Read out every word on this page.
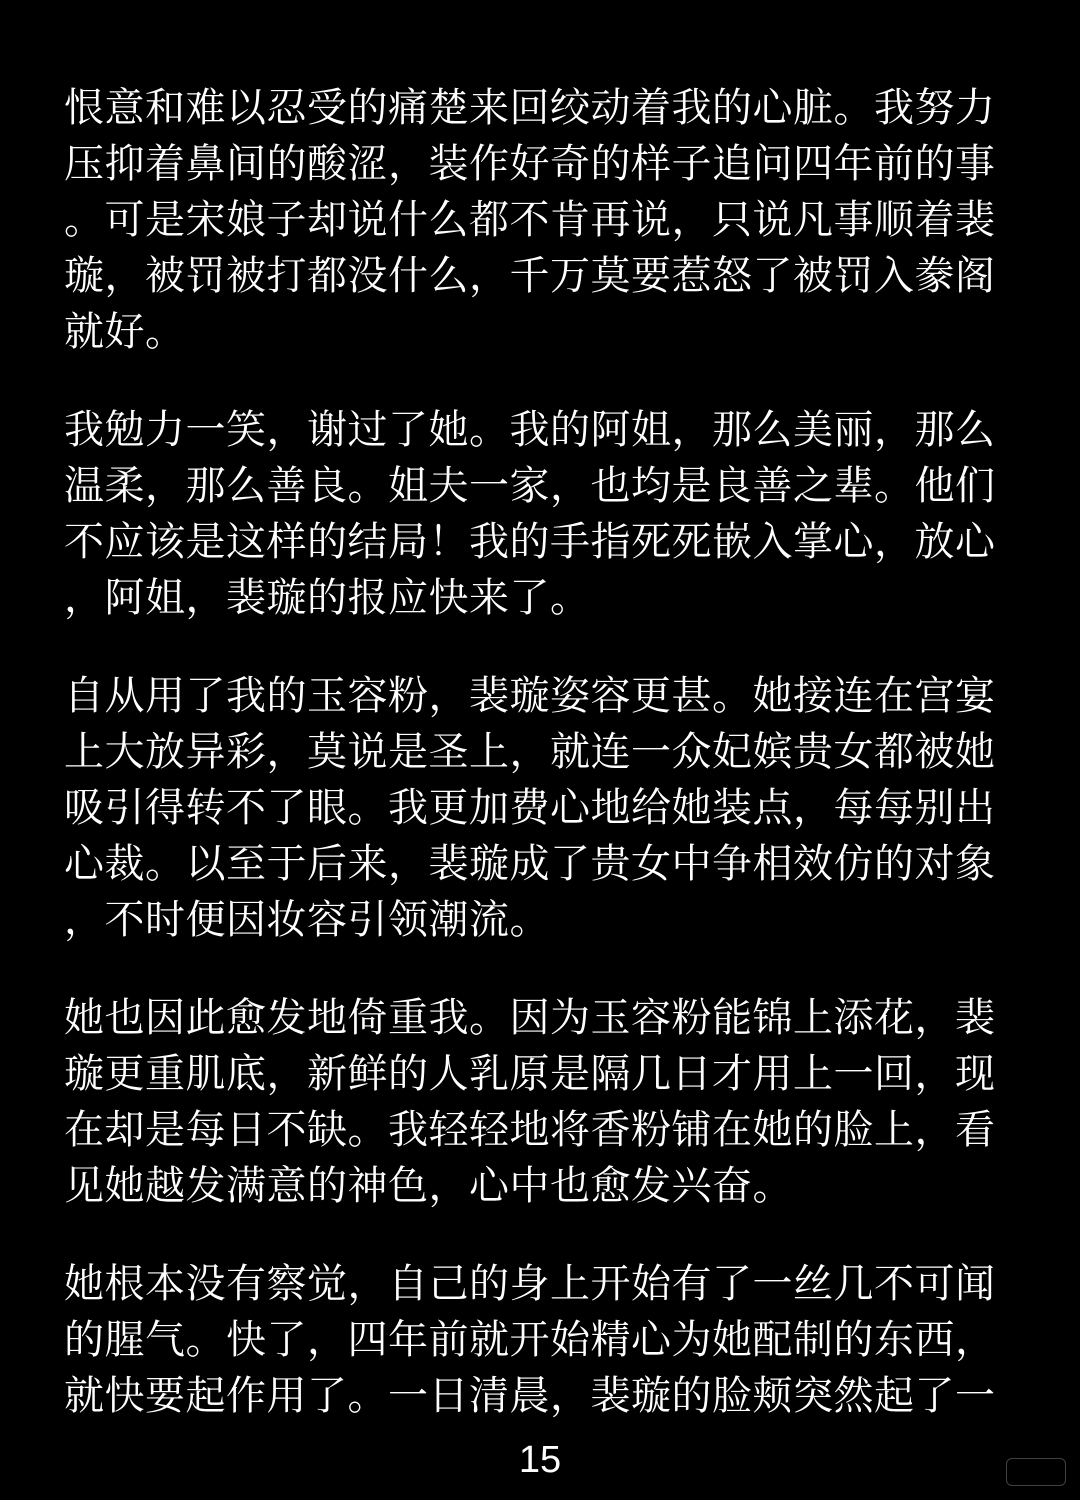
恨意和难以忍受的痛楚来回绞动着我的心脏。我努力
压抑着鼻间的酸涩，装作好奇的样子追问四年前的事
。可是宋娘子却说什么都不肯再说，只说凡事顺着裴
璇，被罚被打都没什么，千万莫要惹怒了被罚入豢阁
就好。
我勉力一笑，谢过了她。我的阿姐，那么美丽，那么
温柔，那么善良。姐夫一家，也均是良善之辈。他们
不应该是这样的结局！我的手指死死嵌入掌心，放心
，阿姐，裴璇的报应快来了。
自从用了我的玉容粉，裴璇姿容更甚。她接连在宫宴
上大放异彩，莫说是圣上，就连一众妃嫔贵女都被她
吸引得转不了眼。我更加费心地给她装点，每每别出
心裁。以至于后来，裴璇成了贵女中争相效仿的对象
，不时便因妆容引领潮流。
她也因此愈发地倚重我。因为玉容粉能锦上添花，裴
璇更重肌底，新鲜的人乳原是隔几日才用上一回，现
在却是每日不缺。我轻轻地将香粉铺在她的脸上，看
见她越发满意的神色，心中也愈发兴奋。
她根本没有察觉，自己的身上开始有了一丝几不可闻
的腥气。快了，四年前就开始精心为她配制的东西，
就快要起作用了。一日清晨，裴璇的脸颊突然起了一
15
